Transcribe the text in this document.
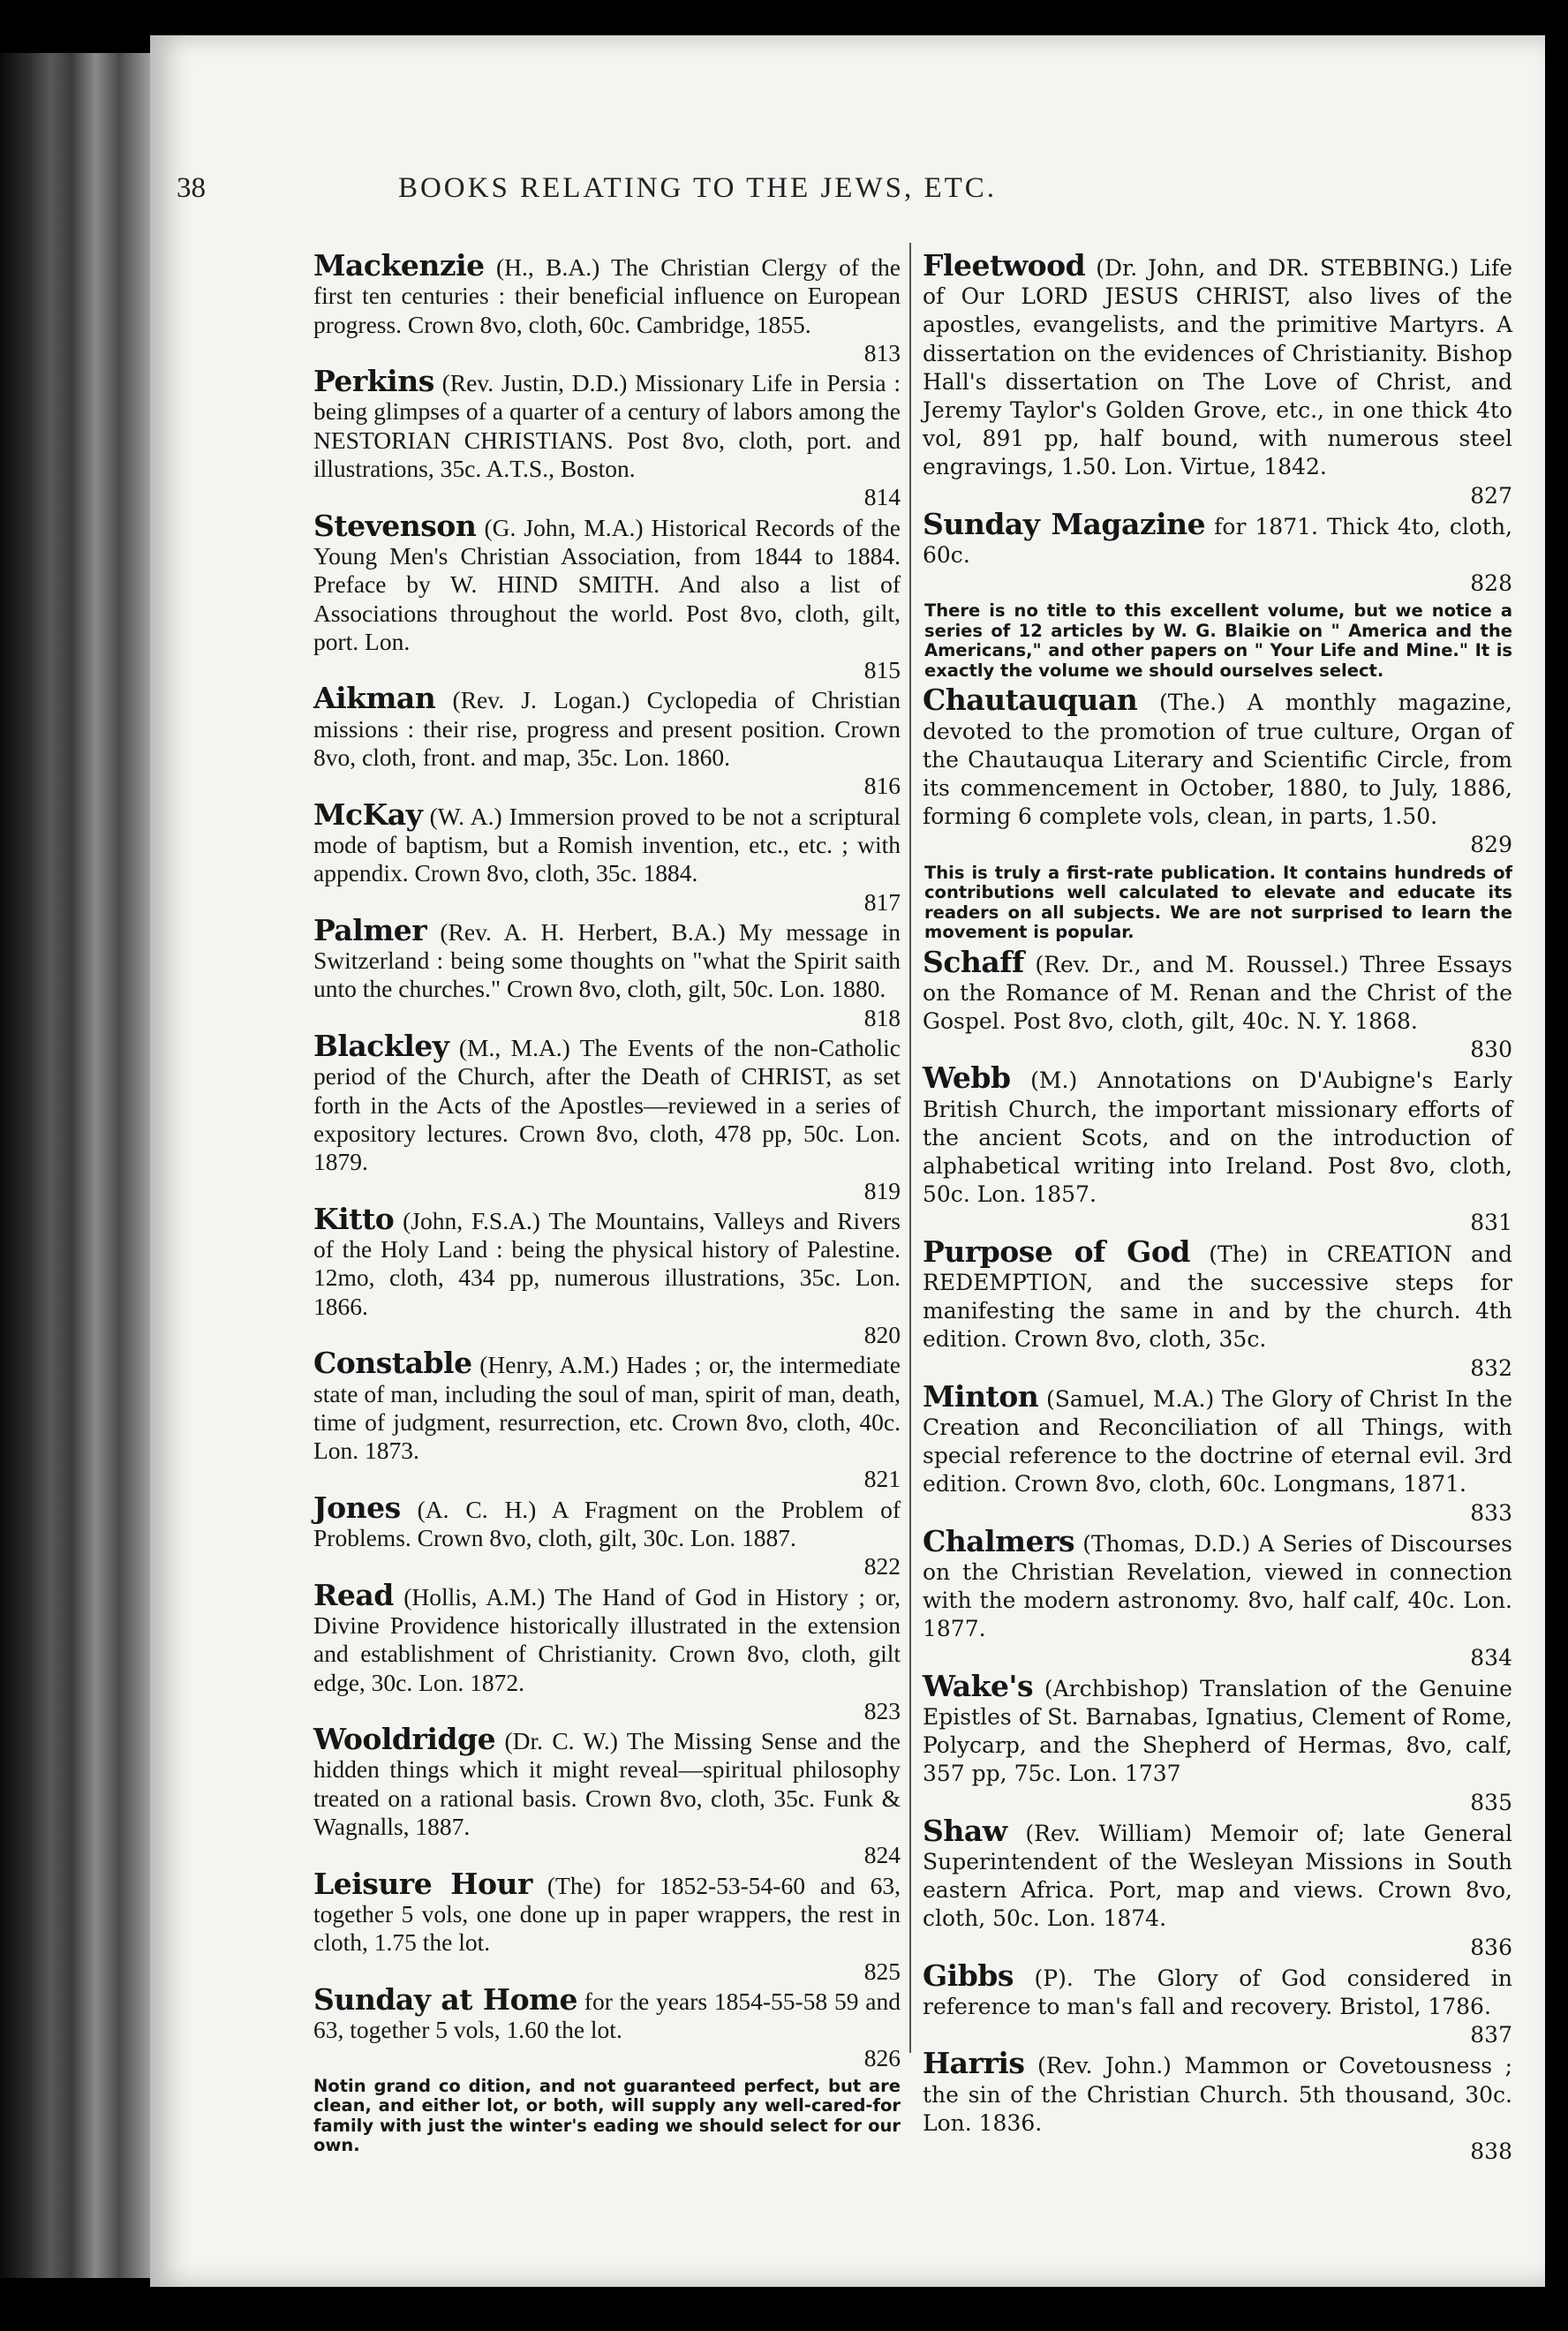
38	BOOKS RELATING TO THE JEWS, ETC.

Mackenzie (H., B.A.) The Christian Clergy of the first ten centuries : their beneficial influence on European progress. Crown 8vo, cloth, 60c. Cambridge, 1855.
813

Perkins (Rev. Justin, D.D.) Missionary Life in Persia : being glimpses of a quarter of a century of labors among the NESTORIAN CHRISTIANS. Post 8vo, cloth, port. and illustrations, 35c. A.T.S., Boston.
814

Stevenson (G. John, M.A.) Historical Records of the Young Men's Christian Association, from 1844 to 1884. Preface by W. HIND SMITH. And also a list of Associations throughout the world. Post 8vo, cloth, gilt, port. Lon.
815

Aikman (Rev. J. Logan.) Cyclopedia of Christian missions : their rise, progress and present position. Crown 8vo, cloth, front. and map, 35c. Lon. 1860.
816

McKay (W. A.) Immersion proved to be not a scriptural mode of baptism, but a Romish invention, etc., etc. ; with appendix. Crown 8vo, cloth, 35c. 1884.
817

Palmer (Rev. A. H. Herbert, B.A.) My message in Switzerland : being some thoughts on "what the Spirit saith unto the churches." Crown 8vo, cloth, gilt, 50c. Lon. 1880.
818

Blackley (M., M.A.) The Events of the non-Catholic period of the Church, after the Death of CHRIST, as set forth in the Acts of the Apostles—reviewed in a series of expository lectures. Crown 8vo, cloth, 478 pp, 50c. Lon. 1879.
819

Kitto (John, F.S.A.) The Mountains, Valleys and Rivers of the Holy Land : being the physical history of Palestine. 12mo, cloth, 434 pp, numerous illustrations, 35c. Lon. 1866.
820

Constable (Henry, A.M.) Hades ; or, the intermediate state of man, including the soul of man, spirit of man, death, time of judgment, resurrection, etc. Crown 8vo, cloth, 40c. Lon. 1873.
821

Jones (A. C. H.) A Fragment on the Problem of Problems. Crown 8vo, cloth, gilt, 30c. Lon. 1887.
822

Read (Hollis, A.M.) The Hand of God in History ; or, Divine Providence historically illustrated in the extension and establishment of Christianity. Crown 8vo, cloth, gilt edge, 30c. Lon. 1872.
823

Wooldridge (Dr. C. W.) The Missing Sense and the hidden things which it might reveal—spiritual philosophy treated on a rational basis. Crown 8vo, cloth, 35c. Funk & Wagnalls, 1887.
824

Leisure Hour (The) for 1852-53-54-60 and 63, together 5 vols, one done up in paper wrappers, the rest in cloth, 1.75 the lot.
825

Sunday at Home for the years 1854-55-58 59 and 63, together 5 vols, 1.60 the lot.
826

Notin grand co dition, and not guaranteed perfect, but are clean, and either lot, or both, will supply any well-cared-for family with just the winter's eading we should select for our own.

Fleetwood (Dr. John, and DR. STEBBING.) Life of Our LORD JESUS CHRIST, also lives of the apostles, evangelists, and the primitive Martyrs. A dissertation on the evidences of Christianity. Bishop Hall's dissertation on The Love of Christ, and Jeremy Taylor's Golden Grove, etc., in one thick 4to vol, 891 pp, half bound, with numerous steel engravings, 1.50. Lon. Virtue, 1842.
827

Sunday Magazine for 1871. Thick 4to, cloth, 60c.
828

There is no title to this excellent volume, but we notice a series of 12 articles by W. G. Blaikie on " America and the Americans," and other papers on " Your Life and Mine." It is exactly the volume we should ourselves select.

Chautauquan (The.) A monthly magazine, devoted to the promotion of true culture, Organ of the Chautauqua Literary and Scientific Circle, from its commencement in October, 1880, to July, 1886, forming 6 complete vols, clean, in parts, 1.50.
829

This is truly a first-rate publication. It contains hundreds of contributions well calculated to elevate and educate its readers on all subjects. We are not surprised to learn the movement is popular.

Schaff (Rev. Dr., and M. Roussel.) Three Essays on the Romance of M. Renan and the Christ of the Gospel. Post 8vo, cloth, gilt, 40c. N. Y. 1868.
830

Webb (M.) Annotations on D'Aubigne's Early British Church, the important missionary efforts of the ancient Scots, and on the introduction of alphabetical writing into Ireland. Post 8vo, cloth, 50c. Lon. 1857.
831

Purpose of God (The) in CREATION and REDEMPTION, and the successive steps for manifesting the same in and by the church. 4th edition. Crown 8vo, cloth, 35c.
832

Minton (Samuel, M.A.) The Glory of Christ In the Creation and Reconciliation of all Things, with special reference to the doctrine of eternal evil. 3rd edition. Crown 8vo, cloth, 60c. Longmans, 1871.
833

Chalmers (Thomas, D.D.) A Series of Discourses on the Christian Revelation, viewed in connection with the modern astronomy. 8vo, half calf, 40c. Lon. 1877.
834

Wake's (Archbishop) Translation of the Genuine Epistles of St. Barnabas, Ignatius, Clement of Rome, Polycarp, and the Shepherd of Hermas, 8vo, calf, 357 pp, 75c. Lon. 1737
835

Shaw (Rev. William) Memoir of; late General Superintendent of the Wesleyan Missions in South eastern Africa. Port, map and views. Crown 8vo, cloth, 50c. Lon. 1874.
836

Gibbs (P). The Glory of God considered in reference to man's fall and recovery. Bristol, 1786.
837

Harris (Rev. John.) Mammon or Covetousness ; the sin of the Christian Church. 5th thousand, 30c. Lon. 1836.
838
